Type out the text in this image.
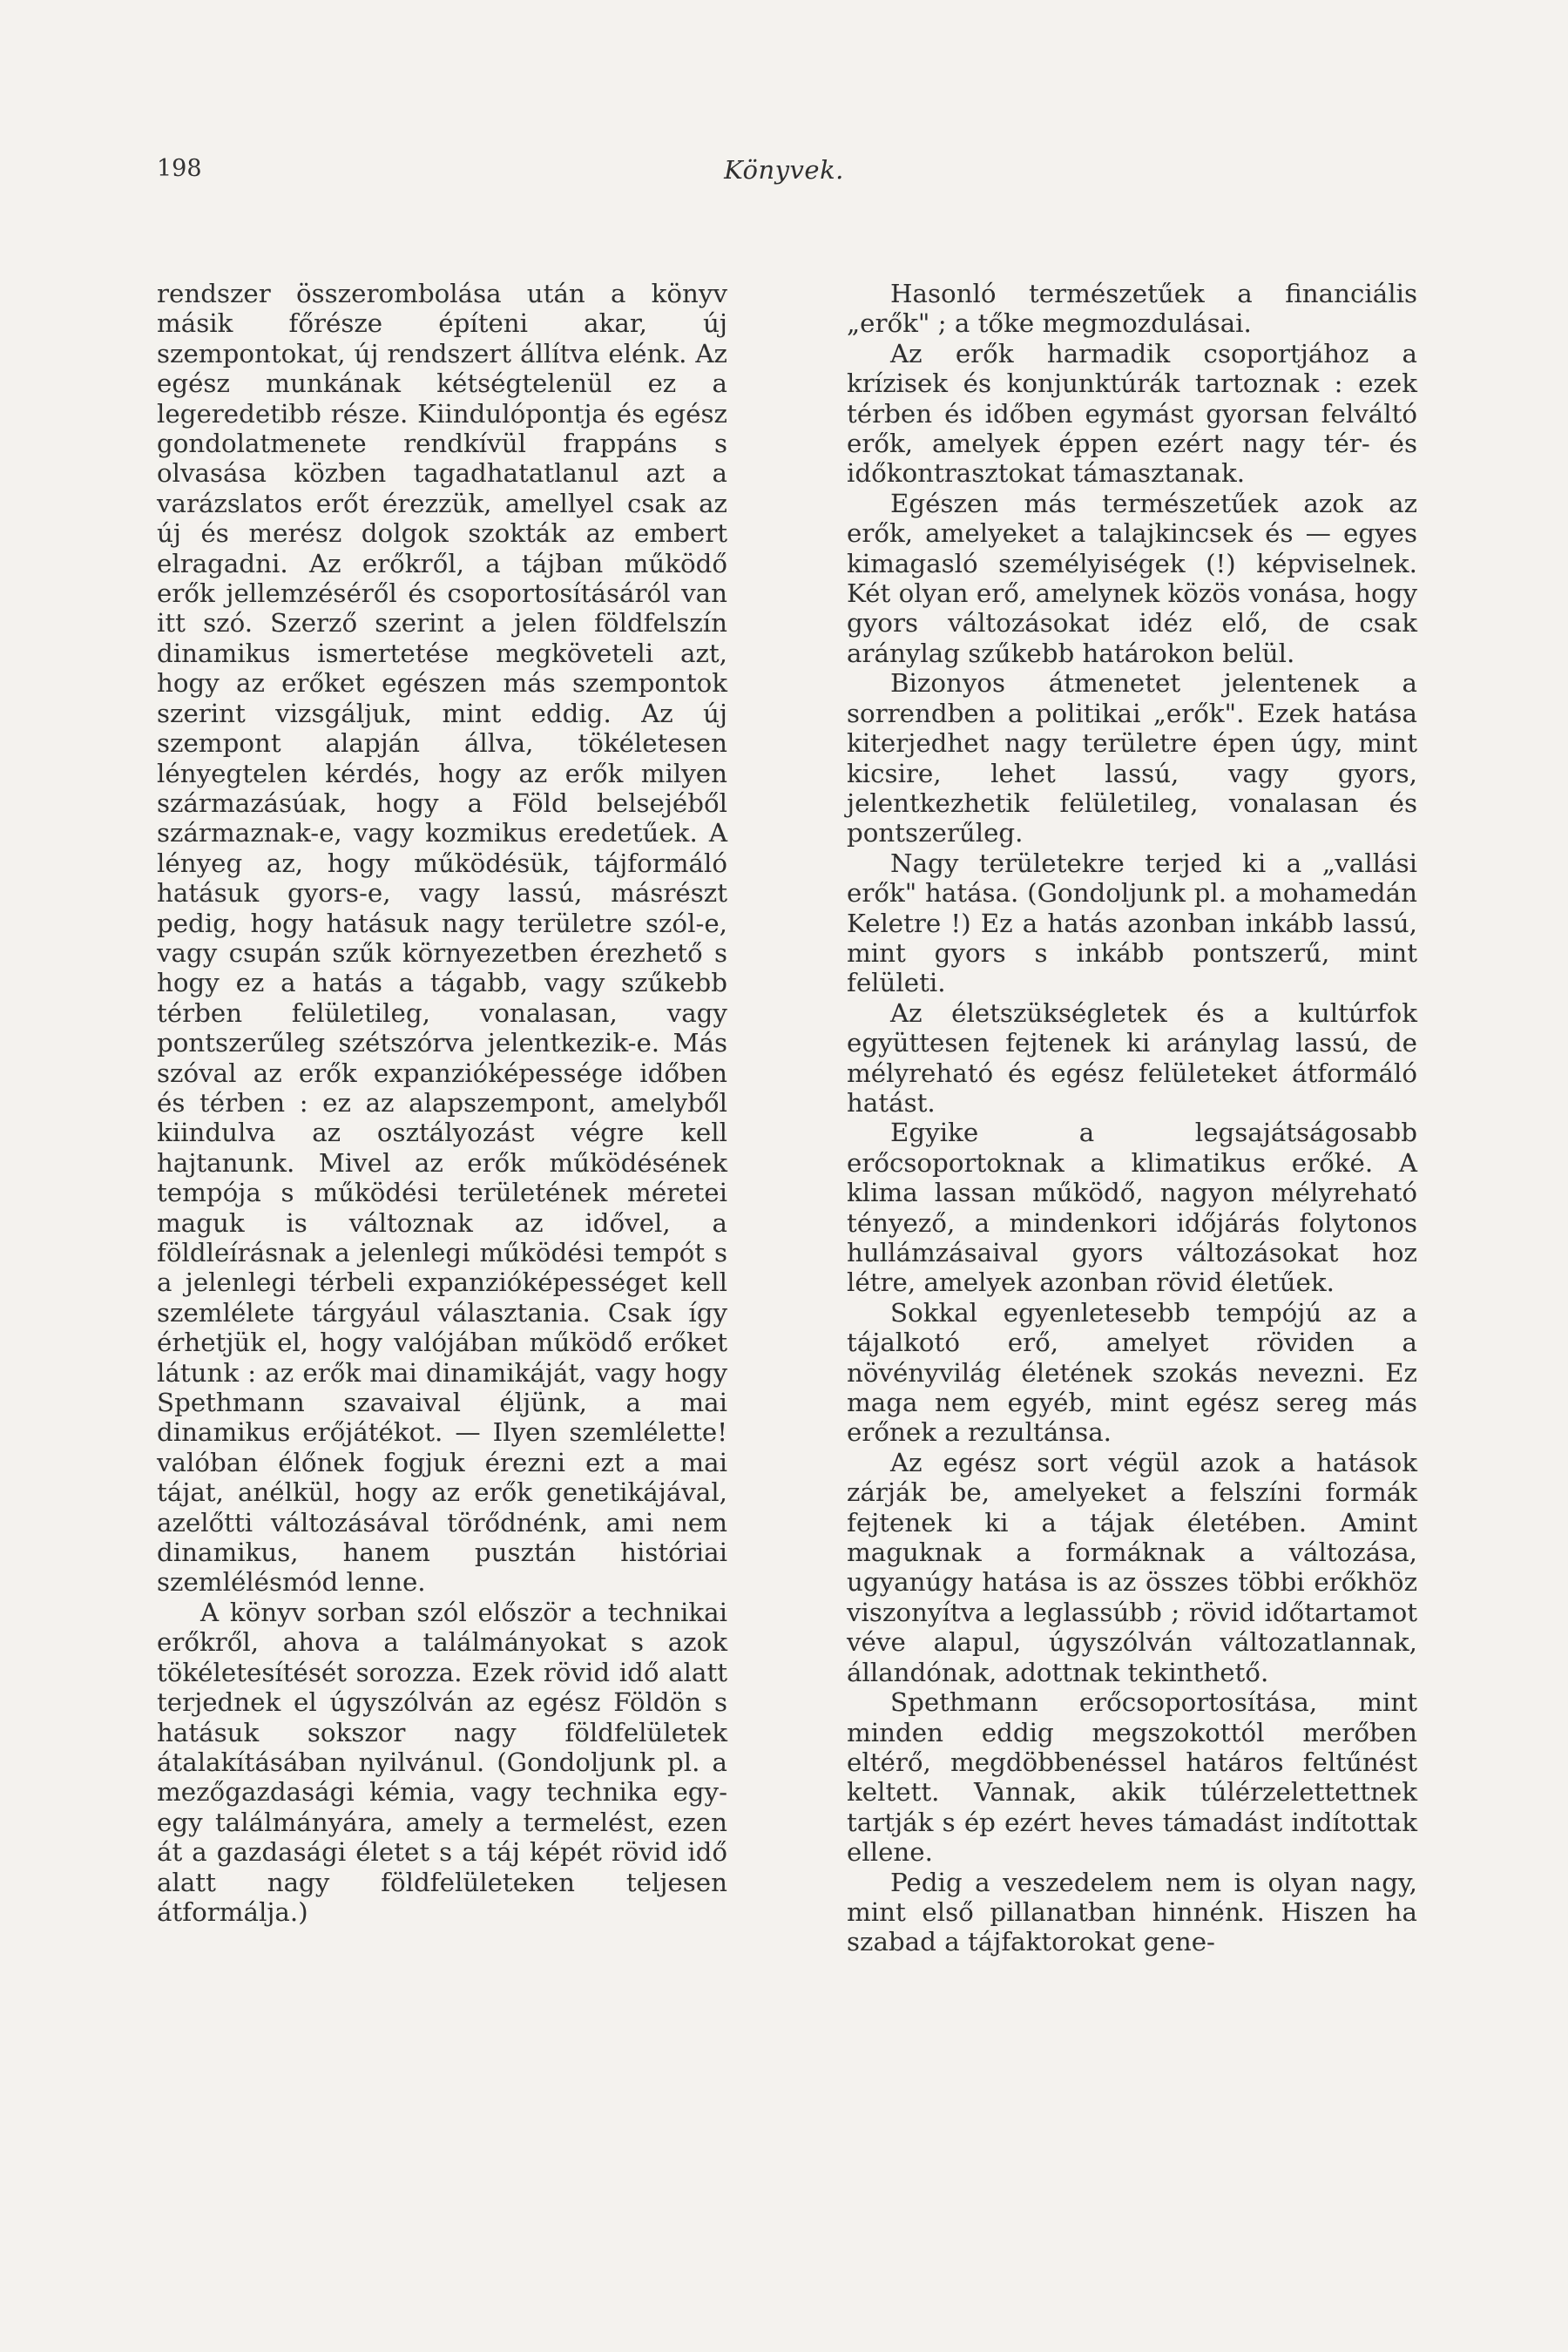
198	Könyvek.

rendszer összerombolása után a könyv másik főrésze építeni akar, új szempontokat, új rendszert állítva elénk. Az egész munkának kétségtelenül ez a legeredetibb része. Kiindulópontja és egész gondolatmenete rendkívül frappáns s olvasása közben tagadhatatlanul azt a varázslatos erőt érezzük, amellyel csak az új és merész dolgok szokták az embert elragadni. Az erőkről, a tájban működő erők jellemzéséről és csoportosításáról van itt szó. Szerző szerint a jelen földfelszín dinamikus ismertetése megköveteli azt, hogy az erőket egészen más szempontok szerint vizsgáljuk, mint eddig. Az új szempont alapján állva, tökéletesen lényegtelen kérdés, hogy az erők milyen származásúak, hogy a Föld belsejéből származnak-e, vagy kozmikus eredetűek. A lényeg az, hogy működésük, tájformáló hatásuk gyors-e, vagy lassú, másrészt pedig, hogy hatásuk nagy területre szól-e, vagy csupán szűk környezetben érezhető s hogy ez a hatás a tágabb, vagy szűkebb térben felületileg, vonalasan, vagy pontszerűleg szétszórva jelentkezik-e. Más szóval az erők expanzióképessége időben és térben : ez az alapszempont, amelyből kiindulva az osztályozást végre kell hajtanunk. Mivel az erők működésének tempója s működési területének méretei maguk is változnak az idővel, a földleírásnak a jelenlegi működési tempót s a jelenlegi térbeli expanzióképességet kell szemlélete tárgyául választania. Csak így érhetjük el, hogy valójában működő erőket látunk : az erők mai dinamikáját, vagy hogy Spethmann szavaival éljünk, a mai dinamikus erőjátékot. — Ilyen szemlélette! valóban élőnek fogjuk érezni ezt a mai tájat, anélkül, hogy az erők genetikájával, azelőtti változásával törődnénk, ami nem dinamikus, hanem pusztán históriai szemlélésmód lenne.

A könyv sorban szól először a technikai erőkről, ahova a találmányokat s azok tökéletesítését sorozza. Ezek rövid idő alatt terjednek el úgyszólván az egész Földön s hatásuk sokszor nagy földfelületek átalakításában nyilvánul. (Gondoljunk pl. a mezőgazdasági kémia, vagy technika egy-egy találmányára, amely a termelést, ezen át a gazdasági életet s a táj képét rövid idő alatt nagy földfelületeken teljesen átformálja.)

Hasonló természetűek a financiális „erők" ; a tőke megmozdulásai.

Az erők harmadik csoportjához a krízisek és konjunktúrák tartoznak : ezek térben és időben egymást gyorsan felváltó erők, amelyek éppen ezért nagy tér- és időkontrasztokat támasztanak.

Egészen más természetűek azok az erők, amelyeket a talajkincsek és — egyes kimagasló személyiségek (!) képviselnek. Két olyan erő, amelynek közös vonása, hogy gyors változásokat idéz elő, de csak aránylag szűkebb határokon belül.

Bizonyos átmenetet jelentenek a sorrendben a politikai „erők". Ezek hatása kiterjedhet nagy területre épen úgy, mint kicsire, lehet lassú, vagy gyors, jelentkezhetik felületileg, vonalasan és pontszerűleg.

Nagy területekre terjed ki a „vallási erők" hatása. (Gondoljunk pl. a mohamedán Keletre !) Ez a hatás azonban inkább lassú, mint gyors s inkább pontszerű, mint felületi.

Az életszükségletek és a kultúrfok együttesen fejtenek ki aránylag lassú, de mélyreható és egész felületeket átformáló hatást.

Egyike a legsajátságosabb erőcsoportoknak a klimatikus erőké. A klima lassan működő, nagyon mélyreható tényező, a mindenkori időjárás folytonos hullámzásaival gyors változásokat hoz létre, amelyek azonban rövid életűek.

Sokkal egyenletesebb tempójú az a tájalkotó erő, amelyet röviden a növényvilág életének szokás nevezni. Ez maga nem egyéb, mint egész sereg más erőnek a rezultánsa.

Az egész sort végül azok a hatások zárják be, amelyeket a felszíni formák fejtenek ki a tájak életében. Amint maguknak a formáknak a változása, ugyanúgy hatása is az összes többi erőkhöz viszonyítva a leglassúbb ; rövid időtartamot véve alapul, úgyszólván változatlannak, állandónak, adottnak tekinthető.

Spethmann erőcsoportosítása, mint minden eddig megszokottól merőben eltérő, megdöbbenéssel határos feltűnést keltett. Vannak, akik túlérzelettettnek tartják s ép ezért heves támadást indítottak ellene.

Pedig a veszedelem nem is olyan nagy, mint első pillanatban hinnénk. Hiszen ha szabad a tájfaktorokat gene-
